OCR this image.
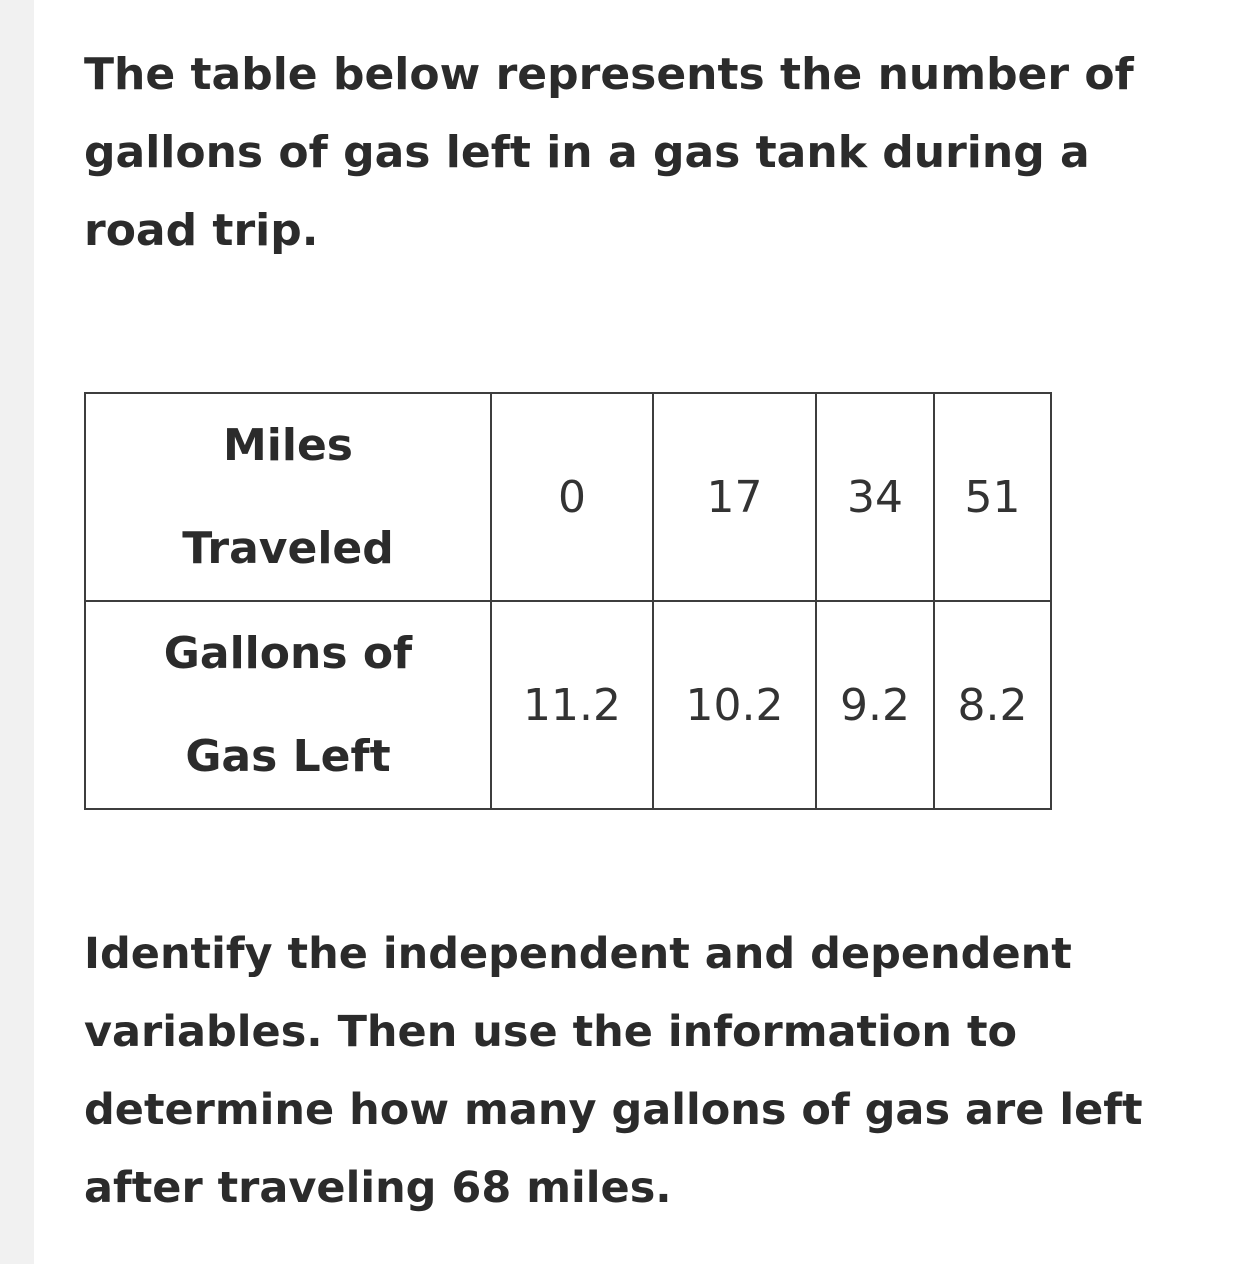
The table below represents the number of gallons of gas left in a gas tank during a road trip.

Miles
Traveled	0	17	34	51

Gallons of
Gas Left	11.2	10.2	9.2	8.2

Identify the independent and dependent variables. Then use the information to determine how many gallons of gas are left after traveling 68 miles.
